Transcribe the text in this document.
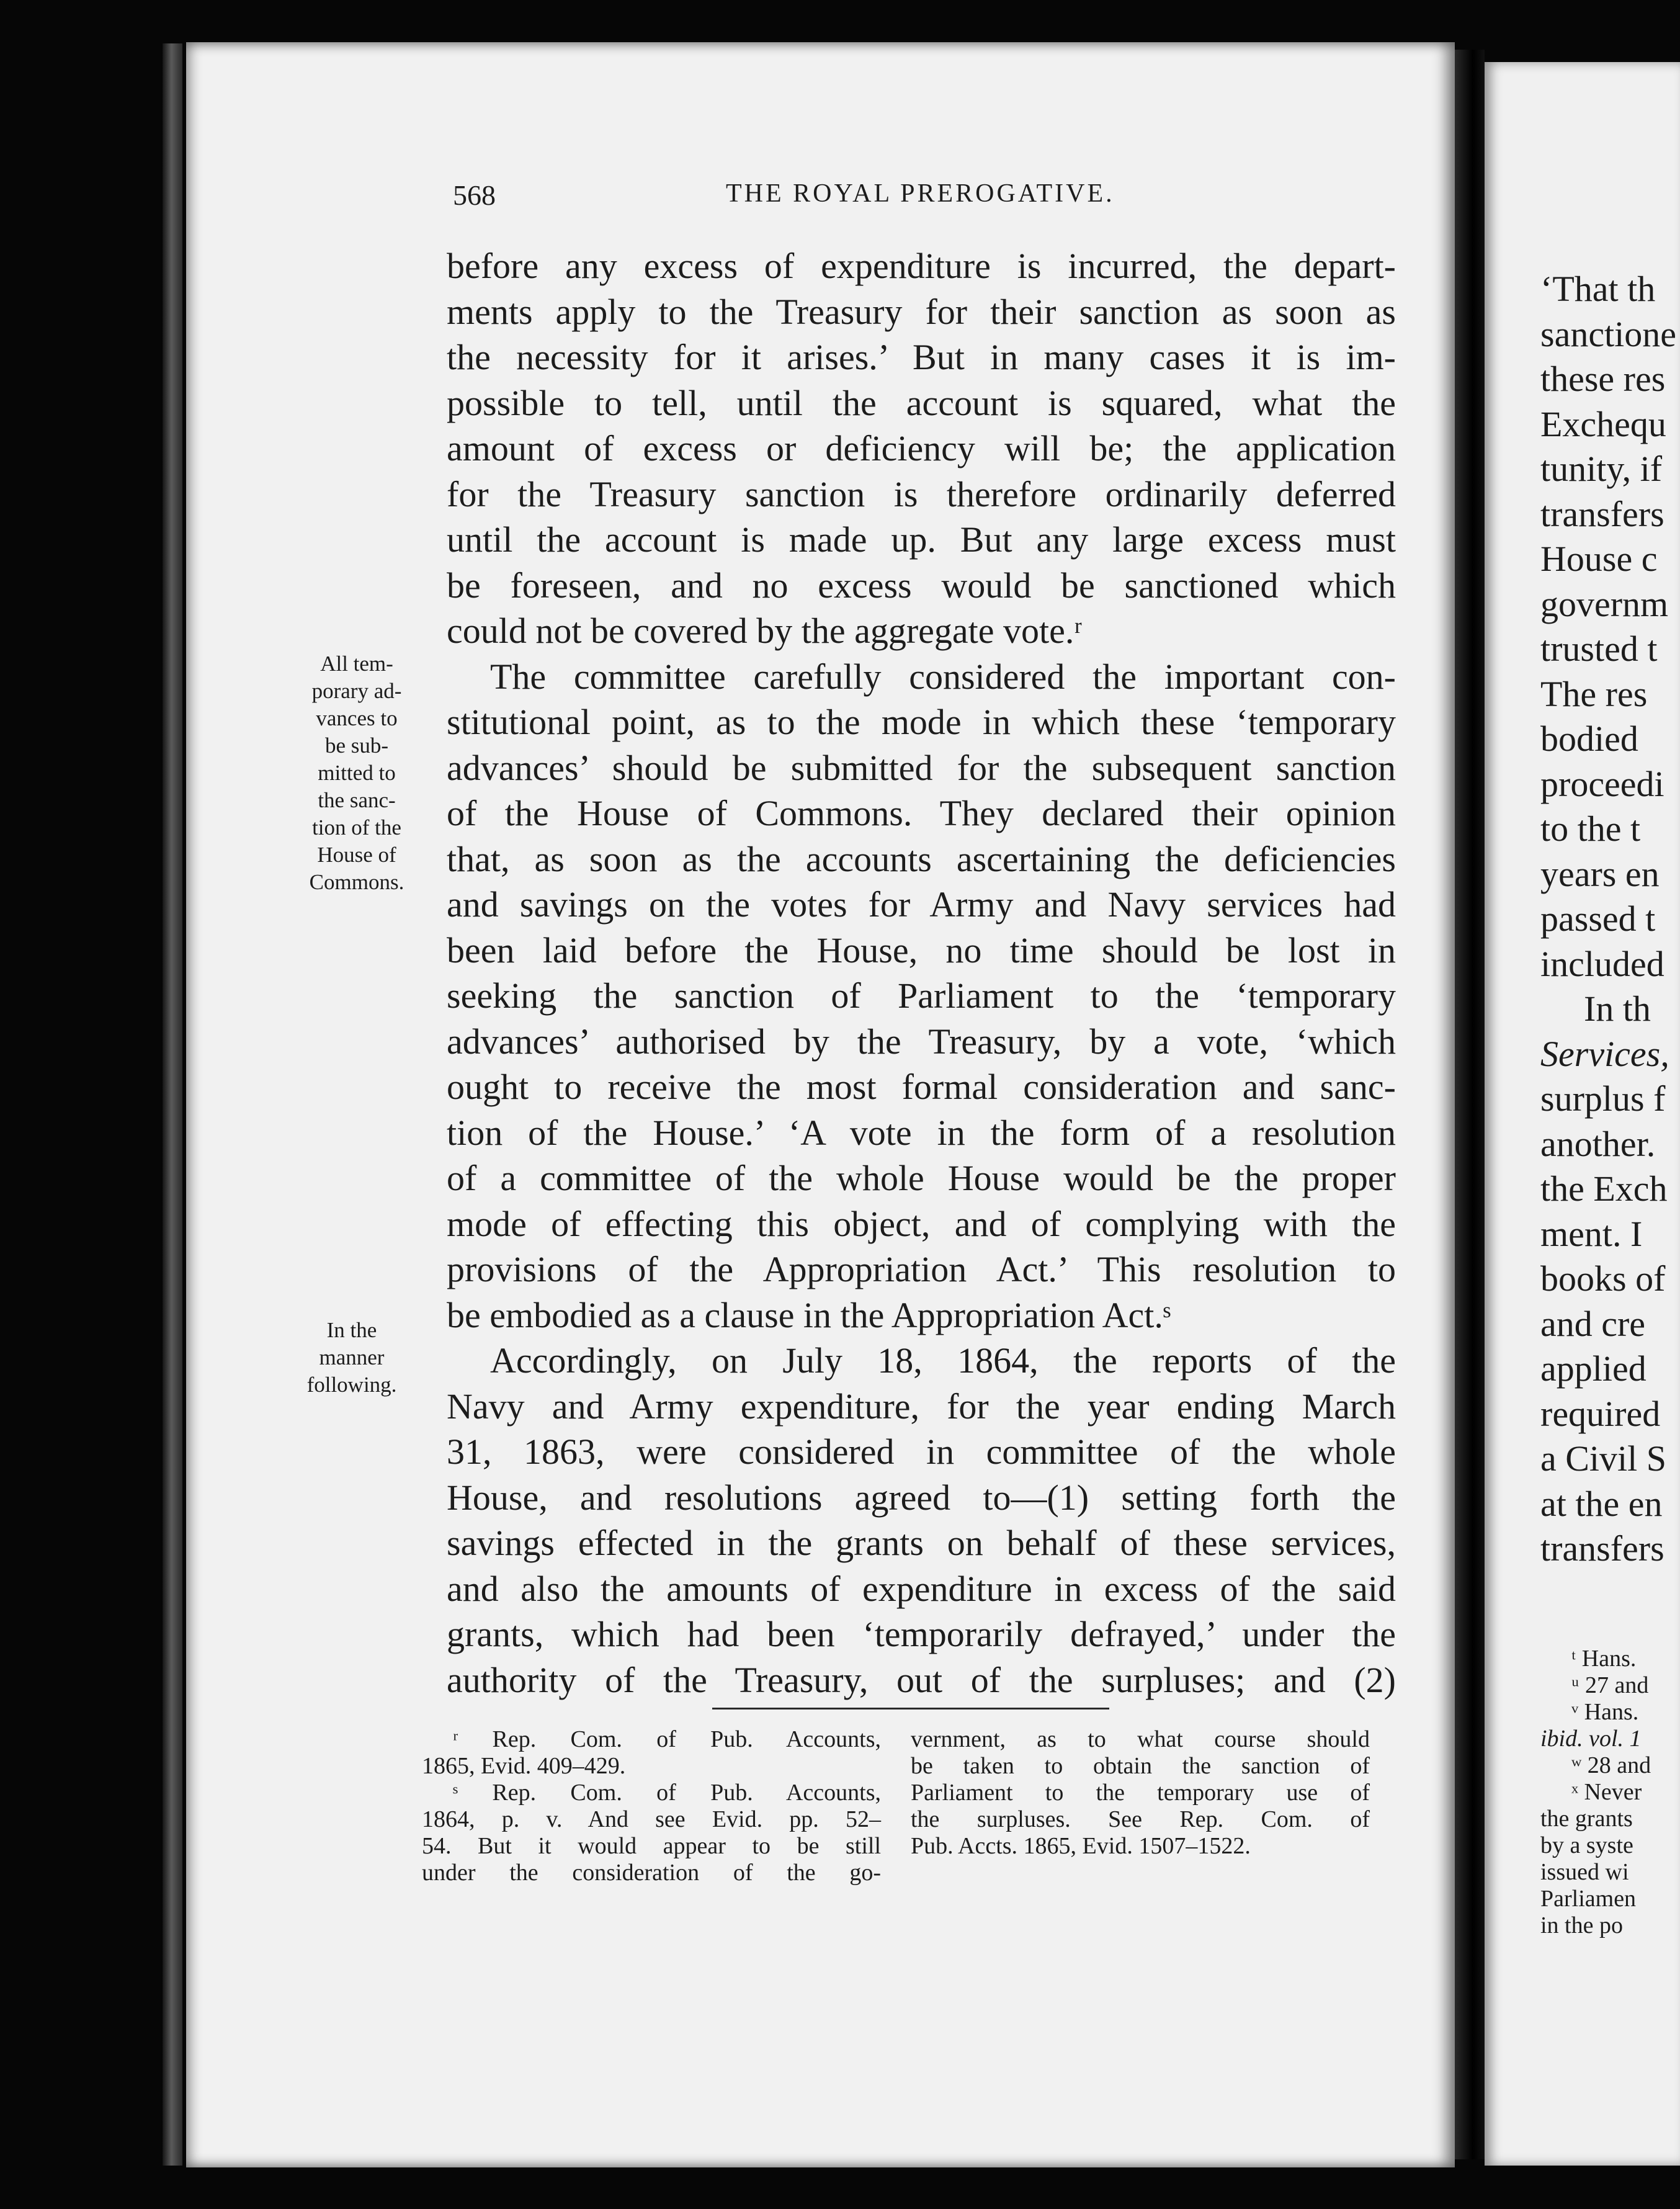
568	THE ROYAL PREROGATIVE.
All tem-
porary ad-
vances to
be sub-
mitted to
the sanc-
tion of the
House of
Commons.
In the
manner
following.
before any excess of expenditure is incurred, the depart-
ments apply to the Treasury for their sanction as soon as
the necessity for it arises.’ But in many cases it is im-
possible to tell, until the account is squared, what the
amount of excess or deficiency will be; the application
for the Treasury sanction is therefore ordinarily deferred
until the account is made up. But any large excess must
be foreseen, and no excess would be sanctioned which
could not be covered by the aggregate vote.ʳ
The committee carefully considered the important con-
stitutional point, as to the mode in which these ‘temporary
advances’ should be submitted for the subsequent sanction
of the House of Commons. They declared their opinion
that, as soon as the accounts ascertaining the deficiencies
and savings on the votes for Army and Navy services had
been laid before the House, no time should be lost in
seeking the sanction of Parliament to the ‘temporary
advances’ authorised by the Treasury, by a vote, ‘which
ought to receive the most formal consideration and sanc-
tion of the House.’ ‘A vote in the form of a resolution
of a committee of the whole House would be the proper
mode of effecting this object, and of complying with the
provisions of the Appropriation Act.’ This resolution to
be embodied as a clause in the Appropriation Act.ˢ
Accordingly, on July 18, 1864, the reports of the
Navy and Army expenditure, for the year ending March
31, 1863, were considered in committee of the whole
House, and resolutions agreed to—(1) setting forth the
savings effected in the grants on behalf of these services,
and also the amounts of expenditure in excess of the said
grants, which had been ‘temporarily defrayed,’ under the
authority of the Treasury, out of the surpluses; and (2)
ʳ Rep. Com. of Pub. Accounts,
1865, Evid. 409–429.
ˢ Rep. Com. of Pub. Accounts,
1864, p. v. And see Evid. pp. 52–
54. But it would appear to be still
under the consideration of the go-
vernment, as to what course should
be taken to obtain the sanction of
Parliament to the temporary use of
the surpluses. See Rep. Com. of
Pub. Accts. 1865, Evid. 1507–1522.
‘That th
sanctione
these res
Exchequ
tunity, if
transfers
House c
governm
trusted t
The res
bodied
proceedi
to the t
years en
passed t
included
In th
Services,
surplus f
another.
the Exch
ment. I
books of
and cre
applied
required
a Civil S
at the en
transfers
ᵗ Hans.
ᵘ 27 and
ᵛ Hans.
ibid. vol. 1
ʷ 28 and
ˣ Never
the grants
by a syste
issued wi
Parliamen
in the po
